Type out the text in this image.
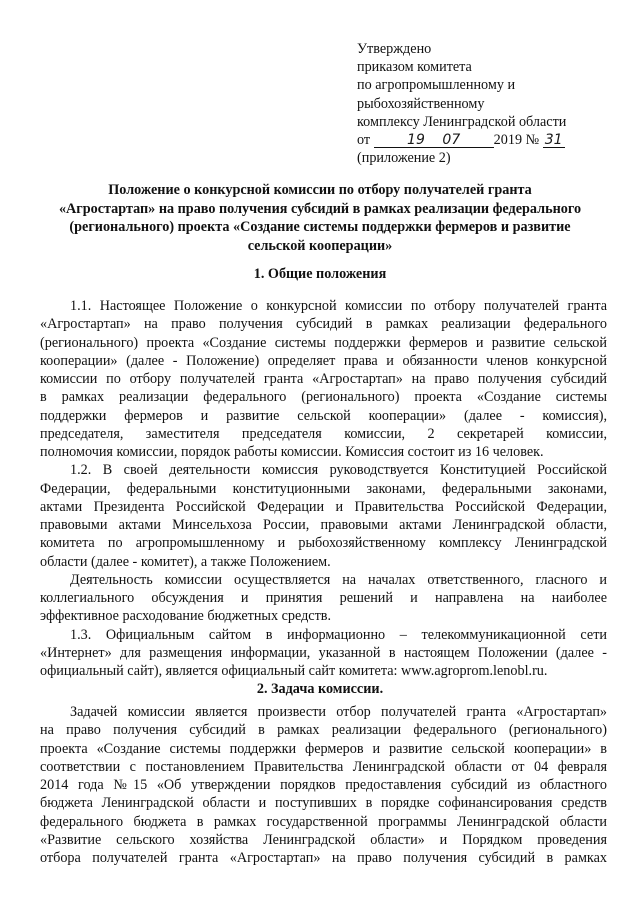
Утверждено
приказом комитета
по агропромышленному и
рыбохозяйственному
комплексу Ленинградской области
от	19 07 2019 № 31
(приложение 2)
Положение о конкурсной комиссии по отбору получателей гранта
«Агростартап» на право получения субсидий в рамках реализации федерального
(регионального) проекта «Создание системы поддержки фермеров и развитие
сельской кооперации»
1. Общие положения
1.1. Настоящее Положение о конкурсной комиссии по отбору получателей гранта
«Агростартап» на право получения субсидий в рамках реализации федерального
(регионального) проекта «Создание системы поддержки фермеров и развитие сельской
кооперации» (далее - Положение) определяет права и обязанности членов конкурсной
комиссии по отбору получателей гранта «Агростартап» на право получения субсидий
в рамках реализации федерального (регионального) проекта «Создание системы
поддержки фермеров и развитие сельской кооперации» (далее - комиссия),
председателя, заместителя председателя комиссии, 2 секретарей комиссии,
полномочия комиссии, порядок работы комиссии. Комиссия состоит из 16 человек.
1.2. В своей деятельности комиссия руководствуется Конституцией Российской
Федерации, федеральными конституционными законами, федеральными законами,
актами Президента Российской Федерации и Правительства Российской Федерации,
правовыми актами Минсельхоза России, правовыми актами Ленинградской области,
комитета по агропромышленному и рыбохозяйственному комплексу Ленинградской
области (далее - комитет), а также Положением.
Деятельность комиссии осуществляется на началах ответственного, гласного и
коллегиального обсуждения и принятия решений и направлена на наиболее
эффективное расходование бюджетных средств.
1.3. Официальным сайтом в информационно – телекоммуникационной сети
«Интернет» для размещения информации, указанной в настоящем Положении (далее -
официальный сайт), является официальный сайт комитета: www.agroprom.lenobl.ru.
2. Задача комиссии.
Задачей комиссии является произвести отбор получателей гранта «Агростартап»
на право получения субсидий в рамках реализации федерального (регионального)
проекта «Создание системы поддержки фермеров и развитие сельской кооперации» в
соответствии с постановлением Правительства Ленинградской области от 04 февраля
2014 года №15 «Об утверждении порядков предоставления субсидий из областного
бюджета Ленинградской области и поступивших в порядке софинансирования средств
федерального бюджета в рамках государственной программы Ленинградской области
«Развитие сельского хозяйства Ленинградской области» и Порядком проведения
отбора получателей гранта «Агростартап» на право получения субсидий в рамках
